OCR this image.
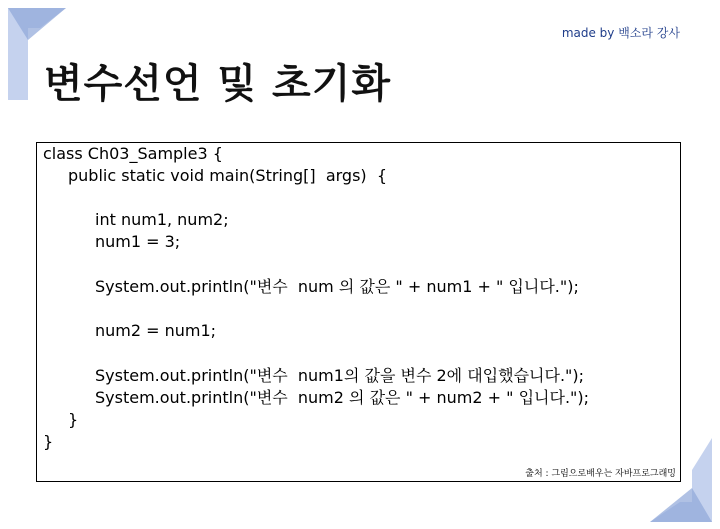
made by 백소라 강사
변수선언 및 초기화
class Ch03_Sample3 {
public static void main(String[]  args)  {
int num1, num2;
num1 = 3;
System.out.println("변수  num 의 값은 " + num1 + " 입니다.");
num2 = num1;
System.out.println("변수  num1의 값을 변수 2에 대입했습니다.");
System.out.println("변수  num2 의 값은 " + num2 + " 입니다.");
}
}
출처 : 그림으로배우는 자바프로그래밍
